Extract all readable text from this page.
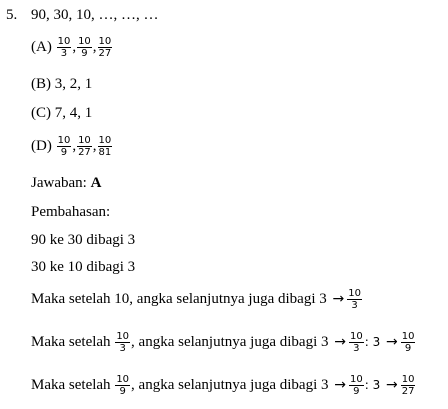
5. 90, 30, 10, …, …, …
$(A) \frac{10}{3}$ , $\frac{10}{9}$ , $\frac{10}{27}$
(B) 3, 2, 1
(C) 7, 4, 1
$(D) \frac{10}{9}$ , $\frac{10}{27}$ , $\frac{10}{81}$
Jawaban: A
Pembahasan:
90 ke 30 dibagi 3
30 ke 10 dibagi 3
Maka setelah 10, angka selanjutnya juga dibagi $3 \to \frac{10}{3}$
Maka setelah $\frac{10}{3}$ , angka selanjutnya juga dibagi $3 \to \frac{10}{3}$ : $3 \to \frac{10}{9}$
Maka setelah $\frac{10}{9}$ , angka selanjutnya juga dibagi $3 \to \frac{10}{9}$ : $3 \to \frac{10}{27}$
